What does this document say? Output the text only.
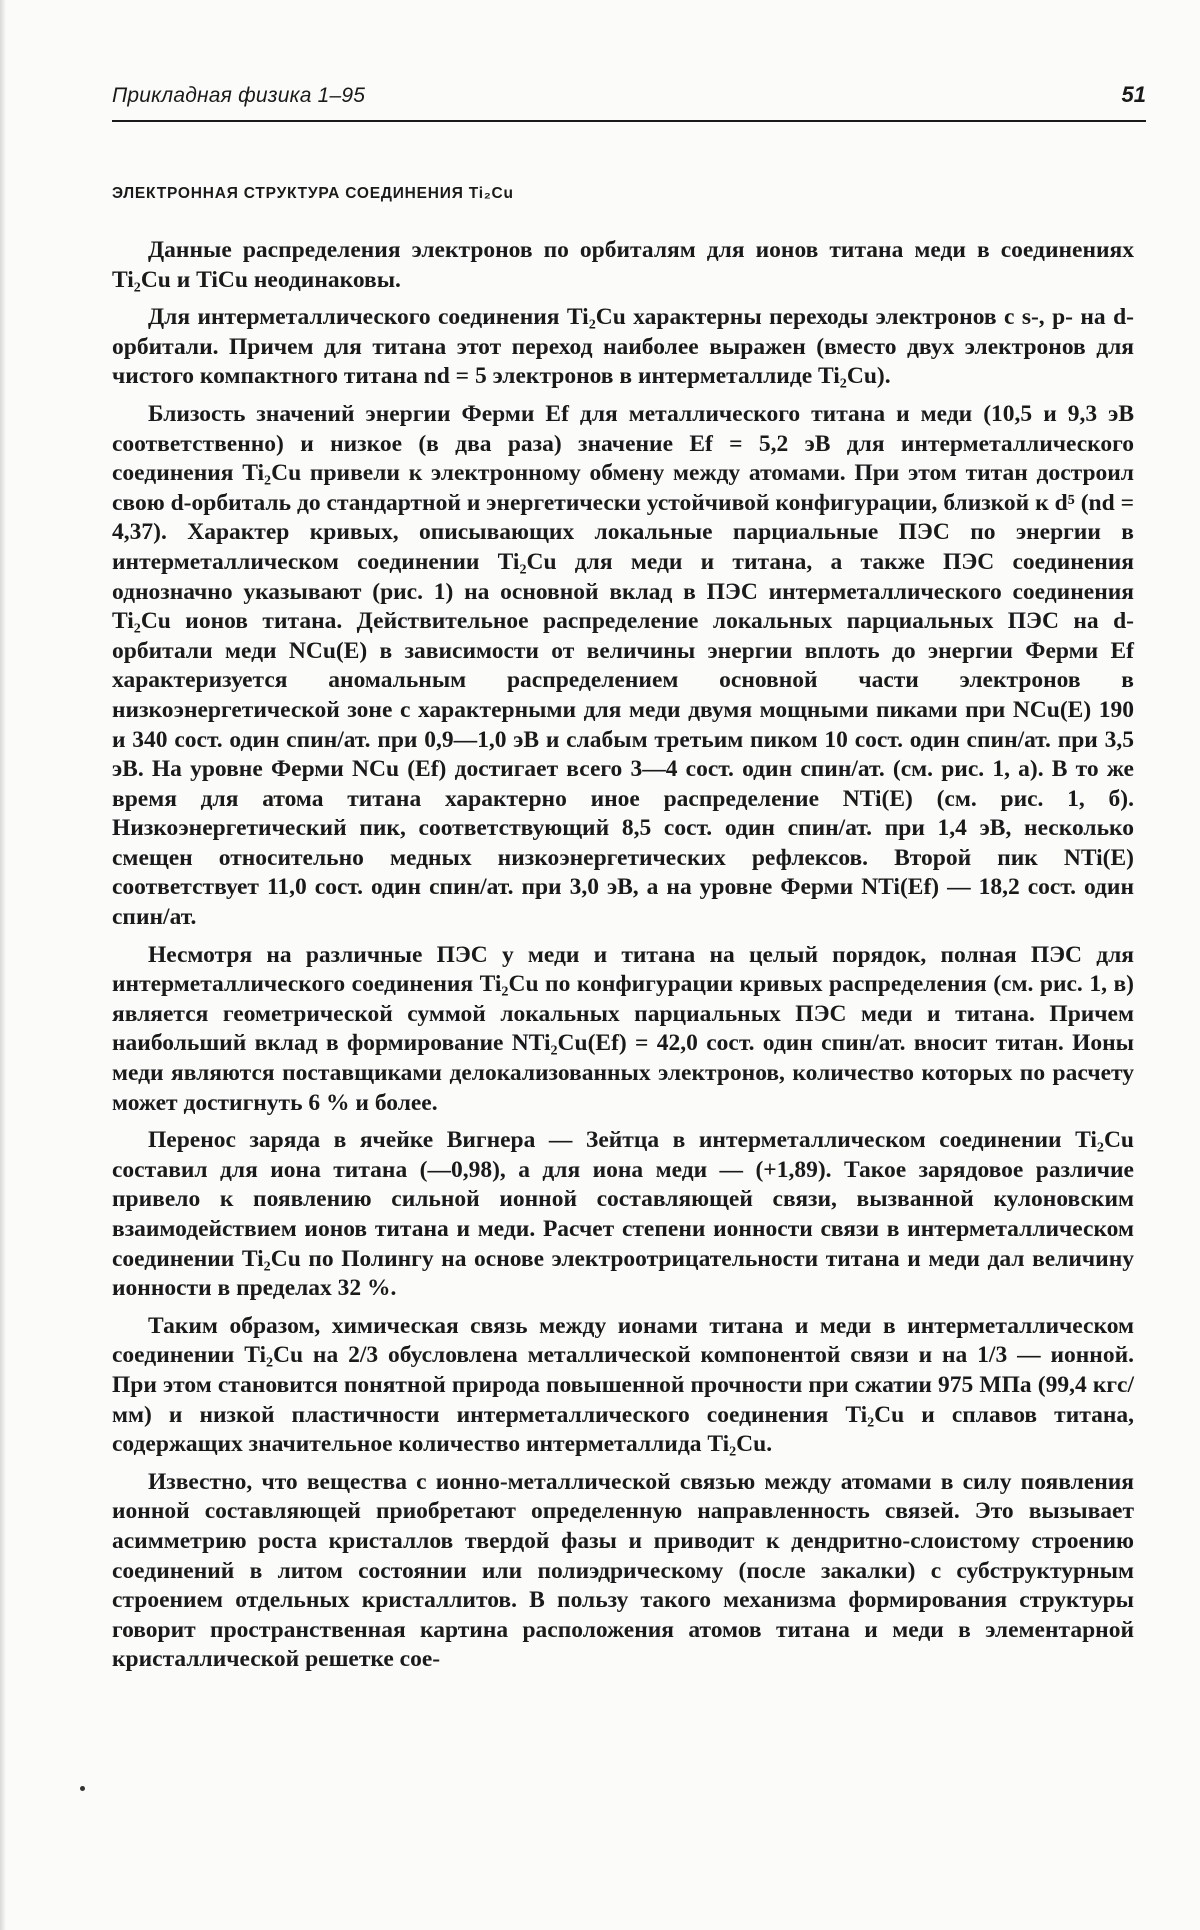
Прикладная физика 1–95	51
ЭЛЕКТРОННАЯ СТРУКТУРА СОЕДИНЕНИЯ Ti₂Cu

Данные распределения электронов по орбиталям для ионов титана меди в соединениях Ti₂Cu и TiCu неодинаковы.

Для интерметаллического соединения Ti₂Cu характерны переходы электронов с s-, p- на d-орбитали. Причем для титана этот переход наиболее выражен (вместо двух электронов для чистого компактного титана nd = 5 электронов в интерметаллиде Ti₂Cu).

Близость значений энергии Ферми Ef для металлического титана и меди (10,5 и 9,3 эВ соответственно) и низкое (в два раза) значение Ef = 5,2 эВ для интерметаллического соединения Ti₂Cu привели к электронному обмену между атомами. При этом титан достроил свою d-орбиталь до стандартной и энергетически устойчивой конфигурации, близкой к d⁵ (nd = 4,37). Характер кривых, описывающих локальные парциальные ПЭС по энергии в интерметаллическом соединении Ti₂Cu для меди и титана, а также ПЭС соединения однозначно указывают (рис. 1) на основной вклад в ПЭС интерметаллического соединения Ti₂Cu ионов титана. Действительное распределение локальных парциальных ПЭС на d-орбитали меди NCu(E) в зависимости от величины энергии вплоть до энергии Ферми Ef характеризуется аномальным распределением основной части электронов в низкоэнергетической зоне с характерными для меди двумя мощными пиками при NCu(E) 190 и 340 сост. один спин/ат. при 0,9—1,0 эВ и слабым третьим пиком 10 сост. один спин/ат. при 3,5 эВ. На уровне Ферми NCu (Ef) достигает всего 3—4 сост. один спин/ат. (см. рис. 1, а). В то же время для атома титана характерно иное распределение NTi(E) (см. рис. 1, б). Низкоэнергетический пик, соответствующий 8,5 сост. один спин/ат. при 1,4 эВ, несколько смещен относительно медных низкоэнергетических рефлексов. Второй пик NTi(E) соответствует 11,0 сост. один спин/ат. при 3,0 эВ, а на уровне Ферми NTi(Ef) — 18,2 сост. один спин/ат.

Несмотря на различные ПЭС у меди и титана на целый порядок, полная ПЭС для интерметаллического соединения Ti₂Cu по конфигурации кривых распределения (см. рис. 1, в) является геометрической суммой локальных парциальных ПЭС меди и титана. Причем наибольший вклад в формирование NTi₂Cu(Ef) = 42,0 сост. один спин/ат. вносит титан. Ионы меди являются поставщиками делокализованных электронов, количество которых по расчету может достигнуть 6 % и более.

Перенос заряда в ячейке Вигнера — Зейтца в интерметаллическом соединении Ti₂Cu составил для иона титана (—0,98), а для иона меди — (+1,89). Такое зарядовое различие привело к появлению сильной ионной составляющей связи, вызванной кулоновским взаимодействием ионов титана и меди. Расчет степени ионности связи в интерметаллическом соединении Ti₂Cu по Полингу на основе электроотрицательности титана и меди дал величину ионности в пределах 32 %.

Таким образом, химическая связь между ионами титана и меди в интерметаллическом соединении Ti₂Cu на 2/3 обусловлена металлической компонентой связи и на 1/3 — ионной. При этом становится понятной природа повышенной прочности при сжатии 975 МПа (99,4 кгс/мм) и низкой пластичности интерметаллического соединения Ti₂Cu и сплавов титана, содержащих значительное количество интерметаллида Ti₂Cu.

Известно, что вещества с ионно-металлической связью между атомами в силу появления ионной составляющей приобретают определенную направленность связей. Это вызывает асимметрию роста кристаллов твердой фазы и приводит к дендритно-слоистому строению соединений в литом состоянии или полиэдрическому (после закалки) с субструктурным строением отдельных кристаллитов. В пользу такого механизма формирования структуры говорит пространственная картина расположения атомов титана и меди в элементарной кристаллической решетке сое-
